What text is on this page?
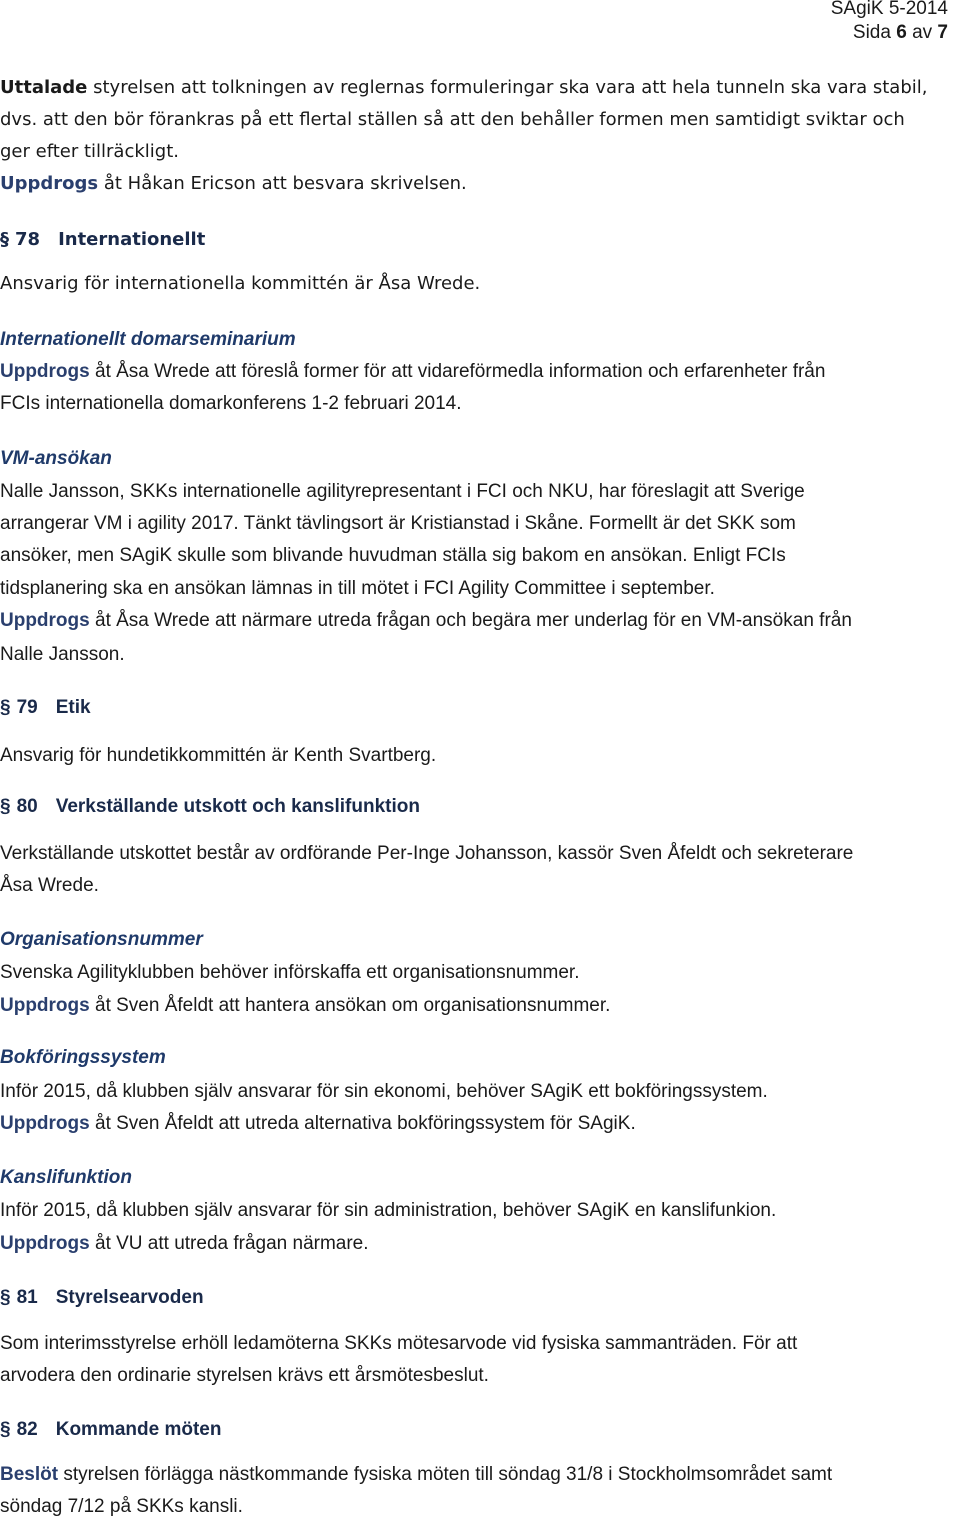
SAgiK 5-2014
Sida 6 av 7
Uttalade styrelsen att tolkningen av reglernas formuleringar ska vara att hela tunneln ska vara stabil,
dvs. att den bör förankras på ett flertal ställen så att den behåller formen men samtidigt sviktar och
ger efter tillräckligt.
Uppdrogs åt Håkan Ericson att besvara skrivelsen.
§ 78 Internationellt
Ansvarig för internationella kommittén är Åsa Wrede.
Internationellt domarseminarium
Uppdrogs åt Åsa Wrede att föreslå former för att vidareförmedla information och erfarenheter från
FCIs internationella domarkonferens 1-2 februari 2014.
VM-ansökan
Nalle Jansson, SKKs internationelle agilityrepresentant i FCI och NKU, har föreslagit att Sverige
arrangerar VM i agility 2017. Tänkt tävlingsort är Kristianstad i Skåne. Formellt är det SKK som
ansöker, men SAgiK skulle som blivande huvudman ställa sig bakom en ansökan. Enligt FCIs
tidsplanering ska en ansökan lämnas in till mötet i FCI Agility Committee i september.
Uppdrogs åt Åsa Wrede att närmare utreda frågan och begära mer underlag för en VM-ansökan från
Nalle Jansson.
§ 79 Etik
Ansvarig för hundetikkommittén är Kenth Svartberg.
§ 80 Verkställande utskott och kanslifunktion
Verkställande utskottet består av ordförande Per-Inge Johansson, kassör Sven Åfeldt och sekreterare
Åsa Wrede.
Organisationsnummer
Svenska Agilityklubben behöver införskaffa ett organisationsnummer.
Uppdrogs åt Sven Åfeldt att hantera ansökan om organisationsnummer.
Bokföringssystem
Inför 2015, då klubben själv ansvarar för sin ekonomi, behöver SAgiK ett bokföringssystem.
Uppdrogs åt Sven Åfeldt att utreda alternativa bokföringssystem för SAgiK.
Kanslifunktion
Inför 2015, då klubben själv ansvarar för sin administration, behöver SAgiK en kanslifunkion.
Uppdrogs åt VU att utreda frågan närmare.
§ 81 Styrelsearvoden
Som interimsstyrelse erhöll ledamöterna SKKs mötesarvode vid fysiska sammanträden. För att
arvodera den ordinarie styrelsen krävs ett årsmötesbeslut.
§ 82 Kommande möten
Beslöt styrelsen förlägga nästkommande fysiska möten till söndag 31/8 i Stockholmsområdet samt
söndag 7/12 på SKKs kansli.
